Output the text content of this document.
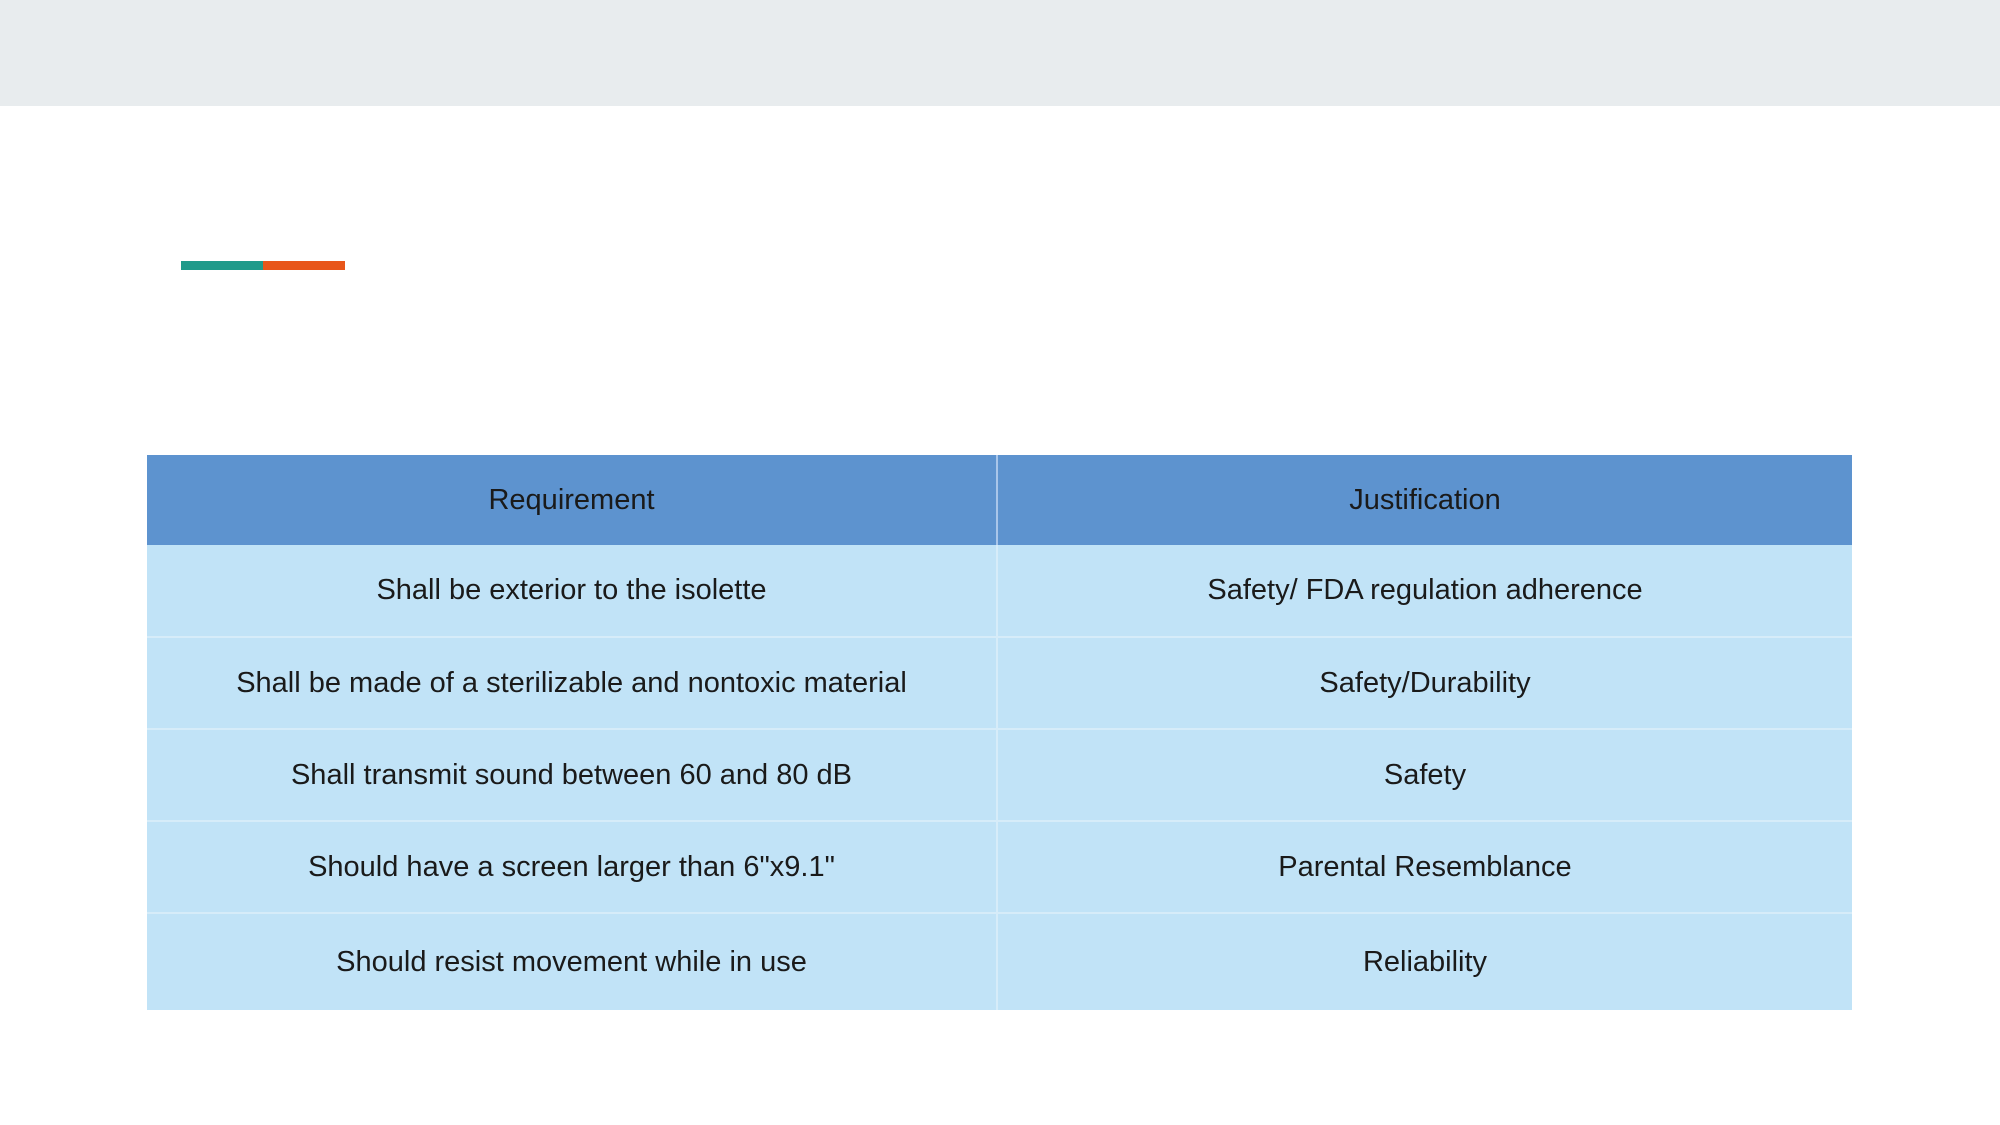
Requirement	Justification
Shall be exterior to the isolette	Safety/ FDA regulation adherence
Shall be made of a sterilizable and nontoxic material	Safety/Durability
Shall transmit sound between 60 and 80 dB	Safety
Should have a screen larger than 6"x9.1"	Parental Resemblance
Should resist movement while in use	Reliability
